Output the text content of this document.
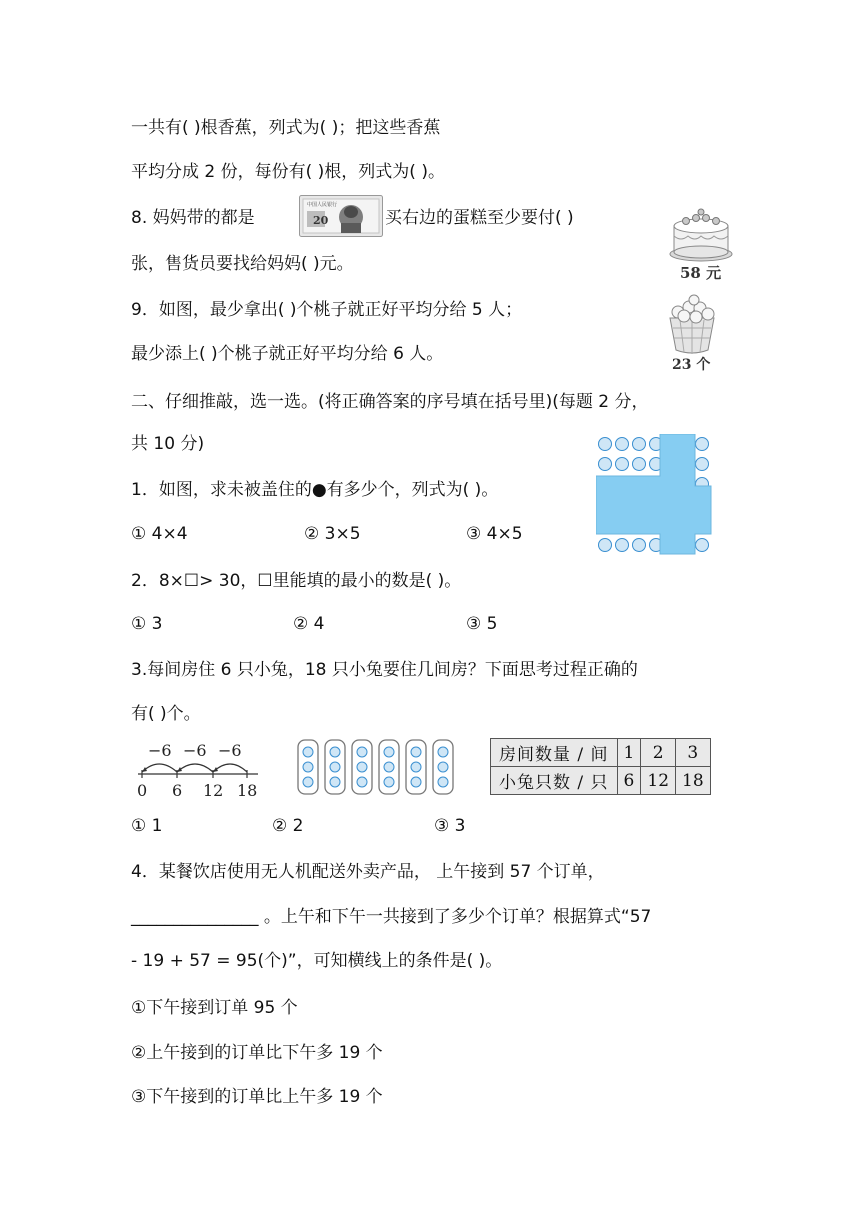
一共有( )根香蕉，列式为( )；把这些香蕉
平均分成 2 份，每份有( )根，列式为( )。
8. 妈妈带的都是
中国人民银行
20	买右边的蛋糕至少要付( )
张，售货员要找给妈妈( )元。	58 元
9．如图，最少拿出( )个桃子就正好平均分给 5 人；
最少添上( )个桃子就正好平均分给 6 人。
23 个
二、仔细推敲，选一选。(将正确答案的序号填在括号里)(每题 2 分，
共 10 分)
1．如图，求未被盖住的●有多少个，列式为( )。
① 4×4	② 3×5	③ 4×5
2．8×☐> 30，☐里能填的最小的数是( )。
① 3	② 4	③ 5
3.每间房住 6 只小兔，18 只小兔要住几间房？下面思考过程正确的
有( )个。
−6 −6 −6
0 6 12 18
房间数量 / 间	1	2	3
小兔只数 / 只	6	12	18
① 1	② 2	③ 3
4．某餐饮店使用无人机配送外卖产品， 上午接到 57 个订单，
_______________ 。上午和下午一共接到了多少个订单？根据算式“57
- 19 + 57 = 95(个)”，可知横线上的条件是( )。
①下午接到订单 95 个
②上午接到的订单比下午多 19 个
③下午接到的订单比上午多 19 个
